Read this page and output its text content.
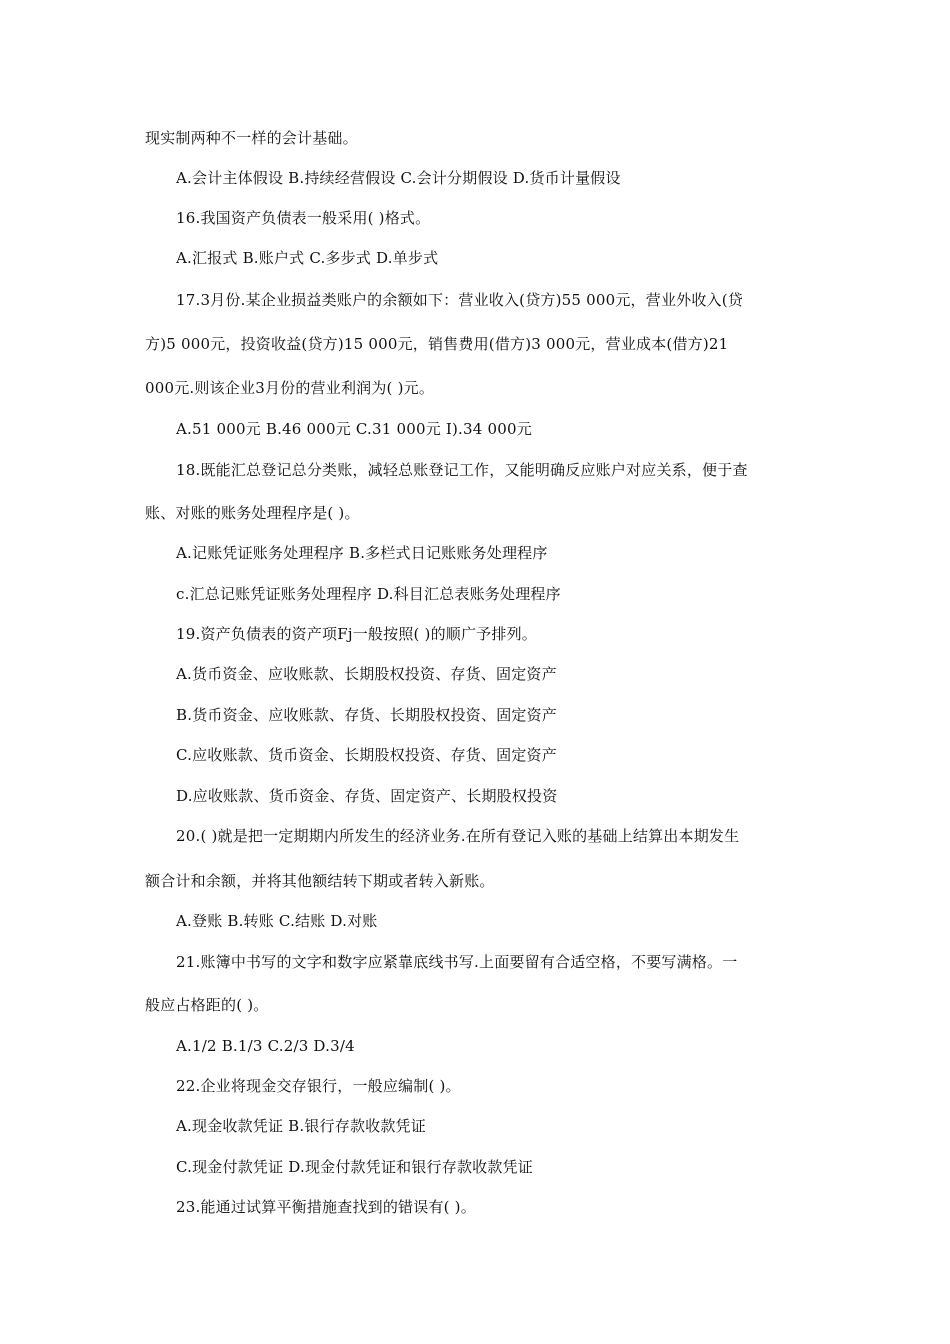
现实制两种不一样的会计基础。
A.会计主体假设 B.持续经营假设 C.会计分期假设 D.货币计量假设
16.我国资产负债表一般采用( )格式。
A.汇报式 B.账户式 C.多步式 D.单步式
17.3月份.某企业损益类账户的余额如下：营业收入(贷方)55 000元，营业外收入(贷
方)5 000元，投资收益(贷方)15 000元，销售费用(借方)3 000元，营业成本(借方)21
000元.则该企业3月份的营业利润为( )元。
A.51 000元 B.46 000元 C.31 000元 I).34 000元
18.既能汇总登记总分类账，减轻总账登记工作，又能明确反应账户对应关系，便于查
账、对账的账务处理程序是( )。
A.记账凭证账务处理程序 B.多栏式日记账账务处理程序
c.汇总记账凭证账务处理程序 D.科目汇总表账务处理程序
19.资产负债表的资产项Fj一般按照( )的顺广予排列。
A.货币资金、应收账款、长期股权投资、存货、固定资产
B.货币资金、应收账款、存货、长期股权投资、固定资产
C.应收账款、货币资金、长期股权投资、存货、固定资产
D.应收账款、货币资金、存货、固定资产、长期股权投资
20.( )就是把一定期期内所发生的经济业务.在所有登记入账的基础上结算出本期发生
额合计和余额，并将其他额结转下期或者转入新账。
A.登账 B.转账 C.结账 D.对账
21.账簿中书写的文字和数字应紧靠底线书写.上面要留有合适空格，不要写满格。一
般应占格距的( )。
A.1/2 B.1/3 C.2/3 D.3/4
22.企业将现金交存银行，一般应编制( )。
A.现金收款凭证 B.银行存款收款凭证
C.现金付款凭证 D.现金付款凭证和银行存款收款凭证
23.能通过试算平衡措施查找到的错误有( )。
